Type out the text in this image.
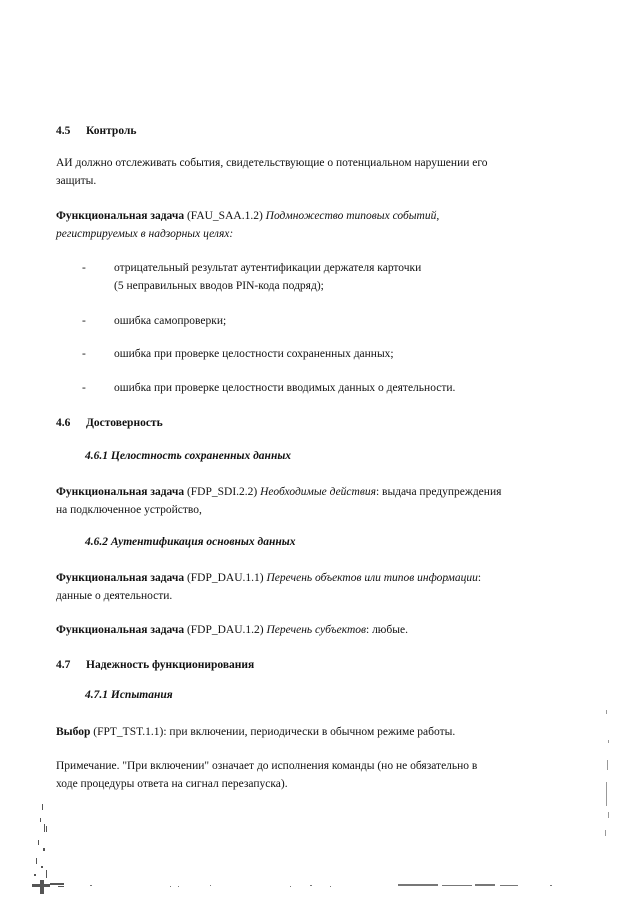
4.5 Контроль
АИ должно отслеживать события, свидетельствующие о потенциальном нарушении его
защиты.
Функциональная задача (FAU_SAA.1.2) Подмножество типовых событий,
регистрируемых в надзорных целях:
- отрицательный результат аутентификации держателя карточки
(5 неправильных вводов PIN-кода подряд);
- ошибка самопроверки;
- ошибка при проверке целостности сохраненных данных;
- ошибка при проверке целостности вводимых данных о деятельности.
4.6 Достоверность
4.6.1 Целостность сохраненных данных
Функциональная задача (FDP_SDI.2.2) Необходимые действия: выдача предупреждения
на подключенное устройство,
4.6.2 Аутентификация основных данных
Функциональная задача (FDP_DAU.1.1) Перечень объектов или типов информации:
данные о деятельности.
Функциональная задача (FDP_DAU.1.2) Перечень субъектов: любые.
4.7 Надежность функционирования
4.7.1 Испытания
Выбор (FPT_TST.1.1): при включении, периодически в обычном режиме работы.
Примечание. "При включении" означает до исполнения команды (но не обязательно в
ходе процедуры ответа на сигнал перезапуска).
